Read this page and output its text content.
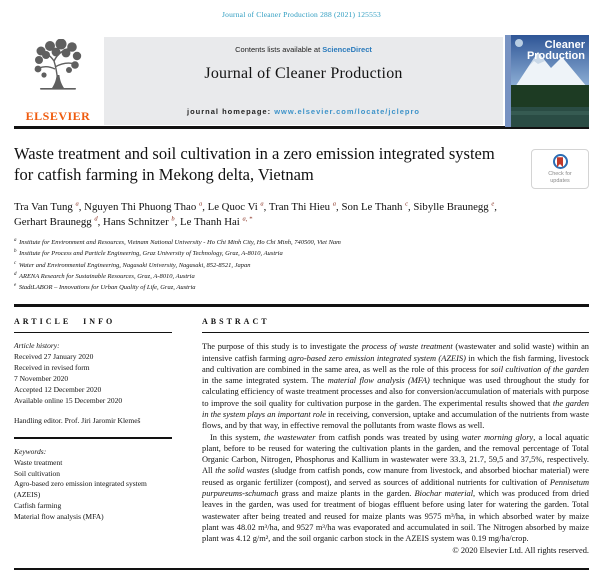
Journal of Cleaner Production 288 (2021) 125553
ELSEVIER
Contents lists available at ScienceDirect
Journal of Cleaner Production
journal homepage: www.elsevier.com/locate/jclepro
Cleaner
Production
Waste treatment and soil cultivation in a zero emission integrated system for catfish farming in Mekong delta, Vietnam	Check for updates
Tra Van Tung $^a$, Nguyen Thi Phuong Thao $^a$, Le Quoc Vi $^a$, Tran Thi Hieu $^a$, Son Le Thanh $^c$, Sibylle Braunegg $^e$, Gerhart Braunegg $^d$, Hans Schnitzer $^b$, Le Thanh Hai $^{a, *}$
$^a$ Institute for Environment and Resources, Vietnam National University - Ho Chi Minh City, Ho Chi Minh, 740500, Viet Nam
$^b$ Institute for Process and Particle Engineering, Graz University of Technology, Graz, A-8010, Austria
$^c$ Water and Environmental Engineering, Nagasaki University, Nagasaki, 852-8521, Japan
$^d$ ARENA Research for Sustainable Resources, Graz, A-8010, Austria
$^e$ StadtLABOR – Innovations for Urban Quality of Life, Graz, Austria
ARTICLE INFO
Article history:
Received 27 January 2020
Received in revised form
7 November 2020
Accepted 12 December 2020
Available online 15 December 2020
Handling editor. Prof. Jiri Jaromir Klemeš
Keywords:
Waste treatment
Soil cultivation
Agro-based zero emission integrated system (AZEIS)
Catfish farming
Material flow analysis (MFA)
ABSTRACT

The purpose of this study is to investigate the process of waste treatment (wastewater and solid waste) within an intensive catfish farming agro-based zero emission integrated system (AZEIS) in which the fish farming, livestock and cultivation are combined in the same area, as well as the role of this process for soil cultivation of the garden in the same integrated system. The material flow analysis (MFA) technique was used throughout the study for calculating efficiency of waste treatment processes and also for conversion/accumulation of materials with purpose to improve the soil quality for cultivation purpose in the garden. The experimental results showed that the garden in the system plays an important role in receiving, conversion, uptake and accumulation of the nutrients from waste flows, and by that way, in effective removal the pollutants from waste flows as well.

In this system, the wastewater from catfish ponds was treated by using water morning glory, a local aquatic plant, before to be reused for watering the cultivation plants in the garden, and the removal percentage of Total Organic Carbon, Nitrogen, Phosphorus and Kallium in wastewater were 33.3, 21.7, 59,5 and 37,5%, respectively. All the solid wastes (sludge from catfish ponds, cow manure from livestock, and absorbed biochar material) were reused as organic fertilizer (compost), and served as sources of additional nutrients for cultivation of Pennisetum purpureums-schumach grass and maize plants in the garden. Biochar material, which was produced from dried leaves in the garden, was used for treatment of biogas effluent before using later for watering the garden. Total wastewater after being treated and reused for maize plants was 9575 m³/ha, in which absorbed water by maize plant was 48.02 m³/ha, and 9527 m³/ha was evaporated and accumulated in soil. The Nitrogen absorbed by maize plant was 4.12 g/m², and the soil organic carbon stock in the AZEIS system was 0.19 mg/ha/crop.

© 2020 Elsevier Ltd. All rights reserved.
